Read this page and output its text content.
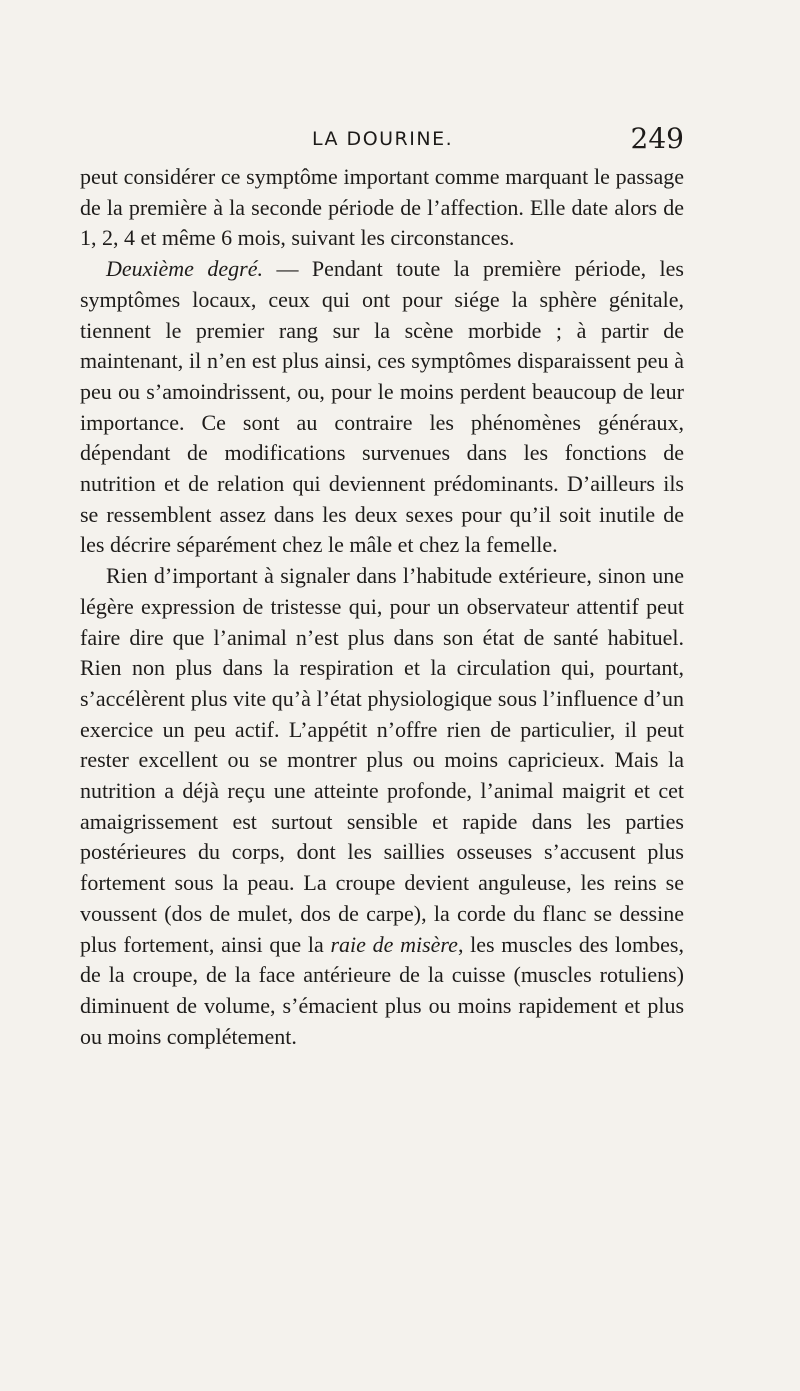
LA DOURINE.	249

peut considérer ce symptôme important comme marquant le passage de la première à la seconde période de l’affection. Elle date alors de 1, 2, 4 et même 6 mois, suivant les circonstances.

Deuxième degré. — Pendant toute la première période, les symptômes locaux, ceux qui ont pour siége la sphère génitale, tiennent le premier rang sur la scène morbide ; à partir de maintenant, il n’en est plus ainsi, ces symptômes disparaissent peu à peu ou s’amoindrissent, ou, pour le moins perdent beaucoup de leur importance. Ce sont au contraire les phénomènes généraux, dépendant de modifications survenues dans les fonctions de nutrition et de relation qui deviennent prédominants. D’ailleurs ils se ressemblent assez dans les deux sexes pour qu’il soit inutile de les décrire séparément chez le mâle et chez la femelle.

Rien d’important à signaler dans l’habitude extérieure, sinon une légère expression de tristesse qui, pour un observateur attentif peut faire dire que l’animal n’est plus dans son état de santé habituel. Rien non plus dans la respiration et la circulation qui, pourtant, s’accélèrent plus vite qu’à l’état physiologique sous l’influence d’un exercice un peu actif. L’appétit n’offre rien de particulier, il peut rester excellent ou se montrer plus ou moins capricieux. Mais la nutrition a déjà reçu une atteinte profonde, l’animal maigrit et cet amaigrissement est surtout sensible et rapide dans les parties postérieures du corps, dont les saillies osseuses s’accusent plus fortement sous la peau. La croupe devient anguleuse, les reins se voussent (dos de mulet, dos de carpe), la corde du flanc se dessine plus fortement, ainsi que la raie de misère, les muscles des lombes, de la croupe, de la face antérieure de la cuisse (muscles rotuliens) diminuent de volume, s’émacient plus ou moins rapidement et plus ou moins complétement.
